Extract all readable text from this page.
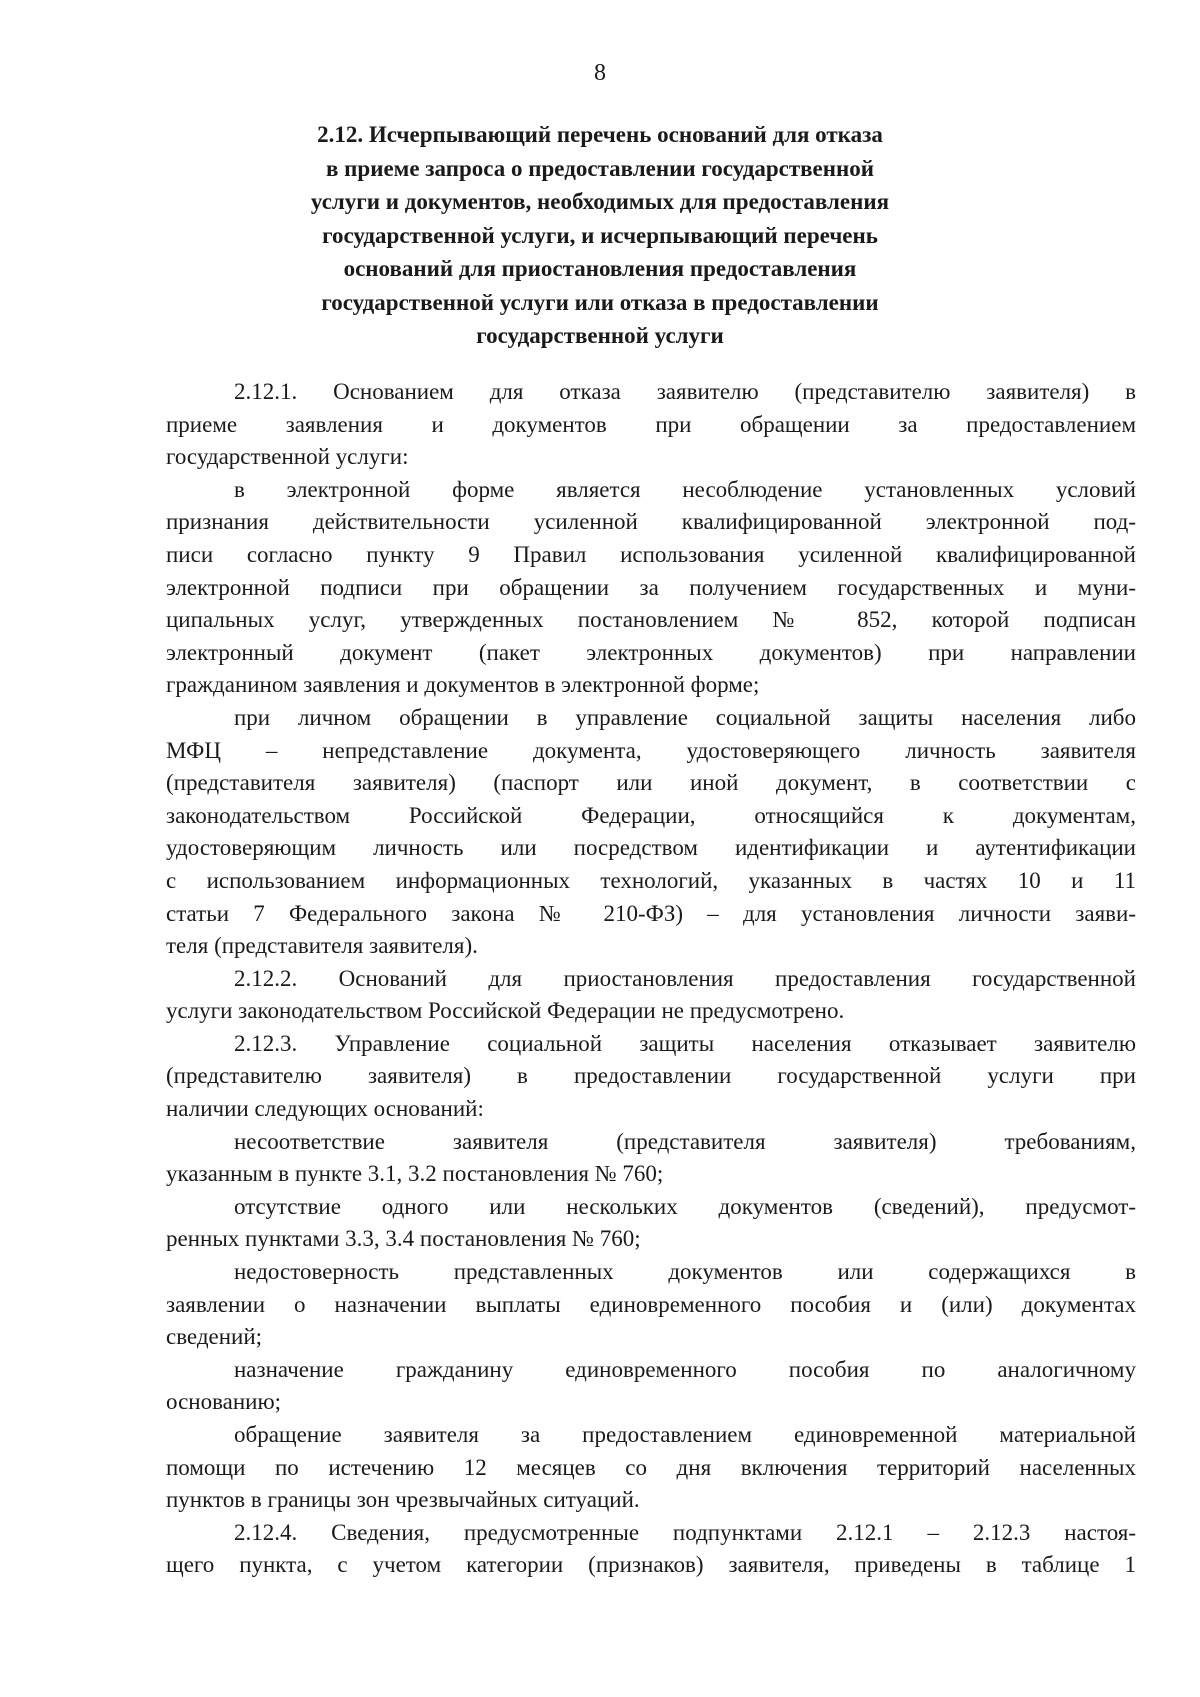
8
2.12. Исчерпывающий перечень оснований для отказа
в приеме запроса о предоставлении государственной
услуги и документов, необходимых для предоставления
государственной услуги, и исчерпывающий перечень
оснований для приостановления предоставления
государственной услуги или отказа в предоставлении
государственной услуги
2.12.1. Основанием для отказа заявителю (представителю заявителя) в
приеме заявления и документов при обращении за предоставлением
государственной услуги:
в электронной форме является несоблюдение установленных условий
признания действительности усиленной квалифицированной электронной под-
писи согласно пункту 9 Правил использования усиленной квалифицированной
электронной подписи при обращении за получением государственных и муни-
ципальных услуг, утвержденных постановлением № 852, которой подписан
электронный документ (пакет электронных документов) при направлении
гражданином заявления и документов в электронной форме;
при личном обращении в управление социальной защиты населения либо
МФЦ – непредставление документа, удостоверяющего личность заявителя
(представителя заявителя) (паспорт или иной документ, в соответствии с
законодательством Российской Федерации, относящийся к документам,
удостоверяющим личность или посредством идентификации и аутентификации
с использованием информационных технологий, указанных в частях 10 и 11
статьи 7 Федерального закона № 210-ФЗ) – для установления личности заяви-
теля (представителя заявителя).
2.12.2. Оснований для приостановления предоставления государственной
услуги законодательством Российской Федерации не предусмотрено.
2.12.3. Управление социальной защиты населения отказывает заявителю
(представителю заявителя) в предоставлении государственной услуги при
наличии следующих оснований:
несоответствие заявителя (представителя заявителя) требованиям,
указанным в пункте 3.1, 3.2 постановления № 760;
отсутствие одного или нескольких документов (сведений), предусмот-
ренных пунктами 3.3, 3.4 постановления № 760;
недостоверность представленных документов или содержащихся в
заявлении о назначении выплаты единовременного пособия и (или) документах
сведений;
назначение гражданину единовременного пособия по аналогичному
основанию;
обращение заявителя за предоставлением единовременной материальной
помощи по истечению 12 месяцев со дня включения территорий населенных
пунктов в границы зон чрезвычайных ситуаций.
2.12.4. Сведения, предусмотренные подпунктами 2.12.1 – 2.12.3 настоя-
щего пункта, с учетом категории (признаков) заявителя, приведены в таблице 1
